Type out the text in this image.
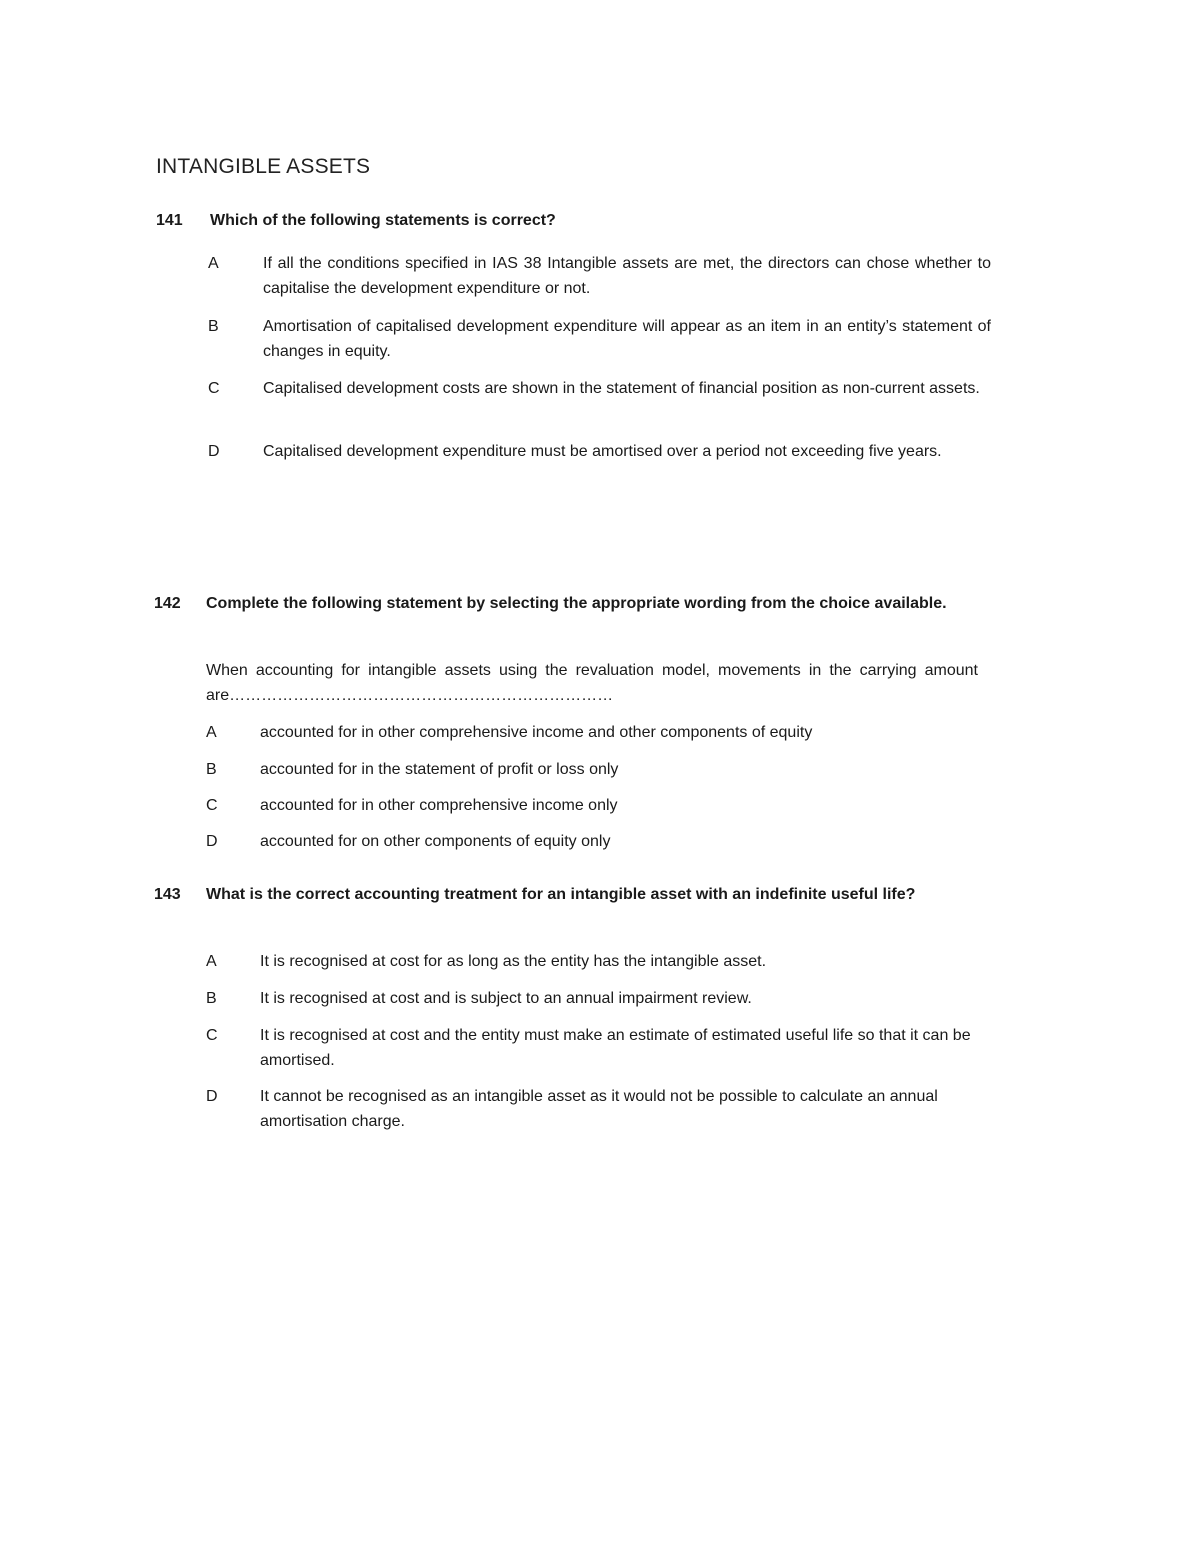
INTANGIBLE ASSETS
141 Which of the following statements is correct?
A	If all the conditions specified in IAS 38 Intangible assets are met, the directors can chose whether to capitalise the development expenditure or not.
B	Amortisation of capitalised development expenditure will appear as an item in an entity’s statement of changes in equity.
C	Capitalised development costs are shown in the statement of financial position as non-current assets.
D	Capitalised development expenditure must be amortised over a period not exceeding five years.
142 Complete the following statement by selecting the appropriate wording from the choice available.
When accounting for intangible assets using the revaluation model, movements in the carrying amount are………………………………………………………………
A	accounted for in other comprehensive income and other components of equity
B	accounted for in the statement of profit or loss only
C	accounted for in other comprehensive income only
D	accounted for on other components of equity only
143 What is the correct accounting treatment for an intangible asset with an indefinite useful life?
A	It is recognised at cost for as long as the entity has the intangible asset.
B	It is recognised at cost and is subject to an annual impairment review.
C	It is recognised at cost and the entity must make an estimate of estimated useful life so that it can be amortised.
D	It cannot be recognised as an intangible asset as it would not be possible to calculate an annual amortisation charge.
